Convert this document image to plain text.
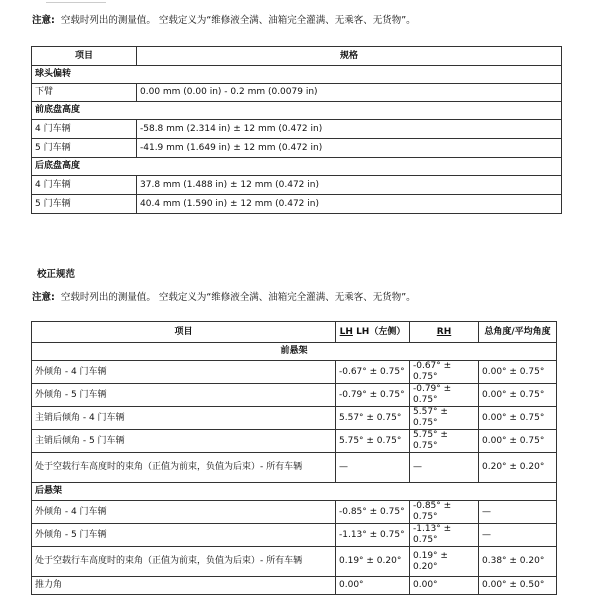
注意: 空载时列出的测量值。 空载定义为“维修液全满、油箱完全灌满、无乘客、无货物”。
项目	规格
球头偏转	
下臂	0.00 mm (0.00 in) - 0.2 mm (0.0079 in)
前底盘高度	
4 门车辆	-58.8 mm (2.314 in) ± 12 mm (0.472 in)
5 门车辆	-41.9 mm (1.649 in) ± 12 mm (0.472 in)
后底盘高度	
4 门车辆	37.8 mm (1.488 in) ± 12 mm (0.472 in)
5 门车辆	40.4 mm (1.590 in) ± 12 mm (0.472 in)
校正规范
注意: 空载时列出的测量值。 空载定义为“维修液全满、油箱完全灌满、无乘客、无货物”。
项目	LH LH（左侧）	RH	总角度/平均角度
前悬架			
外倾角 - 4 门车辆	-0.67° ± 0.75°	-0.67° ± 0.75°	0.00° ± 0.75°
外倾角 - 5 门车辆	-0.79° ± 0.75°	-0.79° ± 0.75°	0.00° ± 0.75°
主销后倾角 - 4 门车辆	5.57° ± 0.75°	5.57° ± 0.75°	0.00° ± 0.75°
主销后倾角 - 5 门车辆	5.75° ± 0.75°	5.75° ± 0.75°	0.00° ± 0.75°
处于空载行车高度时的束角（正值为前束，负值为后束）- 所有车辆	—	—	0.20° ± 0.20°
后悬架			
外倾角 - 4 门车辆	-0.85° ± 0.75°	-0.85° ± 0.75°	—
外倾角 - 5 门车辆	-1.13° ± 0.75°	-1.13° ± 0.75°	—
处于空载行车高度时的束角（正值为前束，负值为后束）- 所有车辆	0.19° ± 0.20°	0.19° ± 0.20°	0.38° ± 0.20°
推力角	0.00°	0.00°	0.00° ± 0.50°
